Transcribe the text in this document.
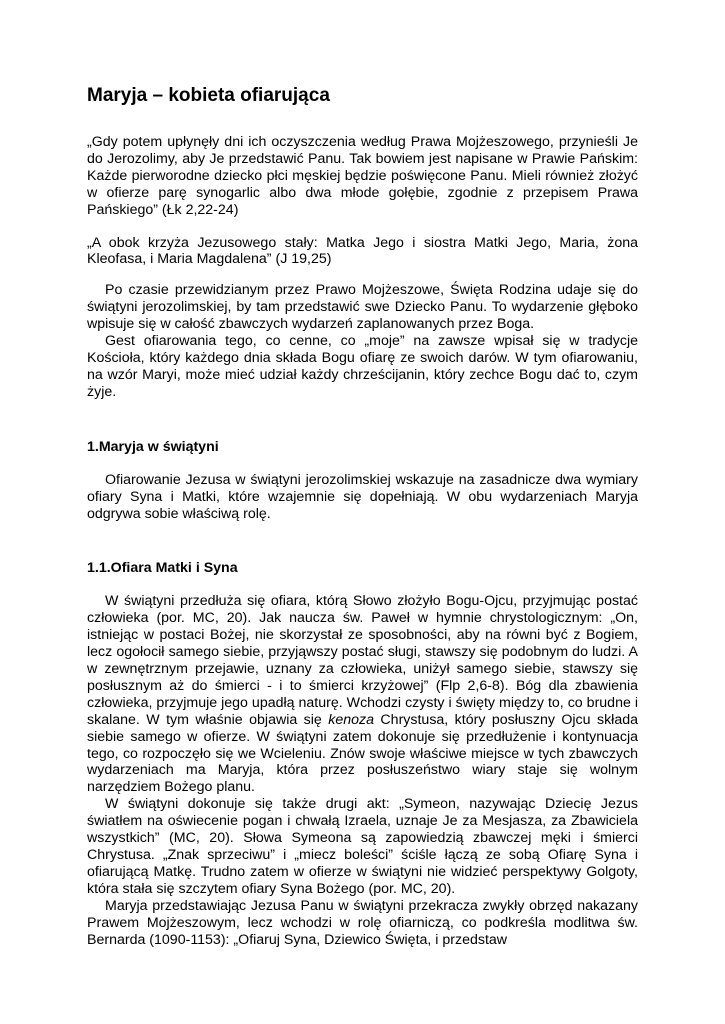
Maryja – kobieta ofiarująca

„Gdy potem upłynęły dni ich oczyszczenia według Prawa Mojżeszowego, przynieśli Je do Jerozolimy, aby Je przedstawić Panu. Tak bowiem jest napisane w Prawie Pańskim: Każde pierworodne dziecko płci męskiej będzie poświęcone Panu. Mieli również złożyć w ofierze parę synogarlic albo dwa młode gołębie, zgodnie z przepisem Prawa Pańskiego” (Łk 2,22-24)

„A obok krzyża Jezusowego stały: Matka Jego i siostra Matki Jego, Maria, żona Kleofasa, i Maria Magdalena” (J 19,25)

Po czasie przewidzianym przez Prawo Mojżeszowe, Święta Rodzina udaje się do świątyni jerozolimskiej, by tam przedstawić swe Dziecko Panu. To wydarzenie głęboko wpisuje się w całość zbawczych wydarzeń zaplanowanych przez Boga.

Gest ofiarowania tego, co cenne, co „moje” na zawsze wpisał się w tradycje Kościoła, który każdego dnia składa Bogu ofiarę ze swoich darów. W tym ofiarowaniu, na wzór Maryi, może mieć udział każdy chrześcijanin, który zechce Bogu dać to, czym żyje.

1.Maryja w świątyni

Ofiarowanie Jezusa w świątyni jerozolimskiej wskazuje na zasadnicze dwa wymiary ofiary Syna i Matki, które wzajemnie się dopełniają. W obu wydarzeniach Maryja odgrywa sobie właściwą rolę.

1.1.Ofiara Matki i Syna

W świątyni przedłuża się ofiara, którą Słowo złożyło Bogu-Ojcu, przyjmując postać człowieka (por. MC, 20). Jak naucza św. Paweł w hymnie chrystologicznym: „On, istniejąc w postaci Bożej, nie skorzystał ze sposobności, aby na równi być z Bogiem, lecz ogołocił samego siebie, przyjąwszy postać sługi, stawszy się podobnym do ludzi. A w zewnętrznym przejawie, uznany za człowieka, uniżył samego siebie, stawszy się posłusznym aż do śmierci - i to śmierci krzyżowej” (Flp 2,6-8). Bóg dla zbawienia człowieka, przyjmuje jego upadłą naturę. Wchodzi czysty i święty między to, co brudne i skalane. W tym właśnie objawia się kenoza Chrystusa, który posłuszny Ojcu składa siebie samego w ofierze. W świątyni zatem dokonuje się przedłużenie i kontynuacja tego, co rozpoczęło się we Wcieleniu. Znów swoje właściwe miejsce w tych zbawczych wydarzeniach ma Maryja, która przez posłuszeństwo wiary staje się wolnym narzędziem Bożego planu.

W świątyni dokonuje się także drugi akt: „Symeon, nazywając Dziecię Jezus światłem na oświecenie pogan i chwałą Izraela, uznaje Je za Mesjasza, za Zbawiciela wszystkich” (MC, 20). Słowa Symeona są zapowiedzią zbawczej męki i śmierci Chrystusa. „Znak sprzeciwu” i „miecz boleści” ściśle łączą ze sobą Ofiarę Syna i ofiarującą Matkę. Trudno zatem w ofierze w świątyni nie widzieć perspektywy Golgoty, która stała się szczytem ofiary Syna Bożego (por. MC, 20).

Maryja przedstawiając Jezusa Panu w świątyni przekracza zwykły obrzęd nakazany Prawem Mojżeszowym, lecz wchodzi w rolę ofiarniczą, co podkreśla modlitwa św. Bernarda (1090-1153): „Ofiaruj Syna, Dziewico Święta, i przedstaw
